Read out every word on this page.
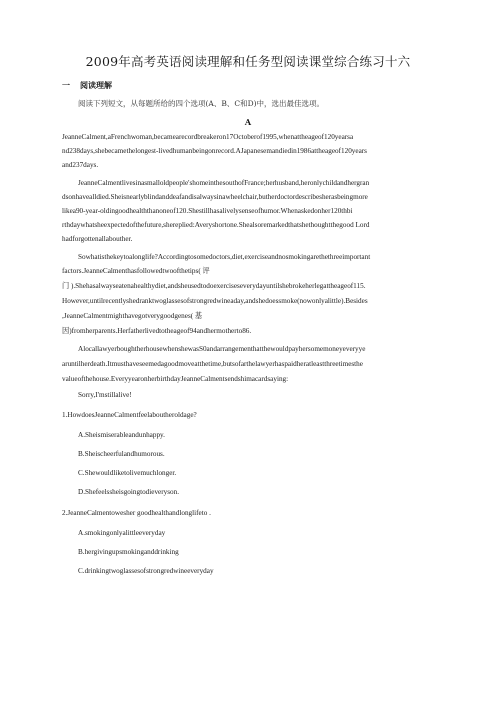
2009年高考英语阅读理解和任务型阅读课堂综合练习十六
一 阅读理解
阅读下列短文，从每题所给的四个选项(A、B、C和D)中，选出最佳选项。
A
JeanneCalment,aFrenchwoman,becamearecordbreakeron17Octoberof1995,whenattheageof120yearsa
nd238days,shebecamethelongest-livedhumanbeingonrecord.AJapanesemandiedin1986attheageof120years
and237days.
JeanneCalmentlivesinasmalloldpeople'shomeinthesouthofFrance;herhusband,heronlychildandhergran
dsonhavealldied.Sheisnearlyblindanddeafandisalwaysinawheelchair,butherdoctordescribesherasbeingmore
likea90-year-oldingoodhealththanoneof120.Shestillhasalivelysenseofhumor.Whenaskedonher120thbi
rthdaywhatsheexpectedofthefuture,shereplied:Averyshortone.Shealsoremarkedthatshethoughtthegood Lord
hadforgottenallabouther.
Sowhatisthekeytoalonglife?Accordingtosomedoctors,diet,exerciseandnosmokingarethethreeimportant
factors.JeanneCalmenthasfollowedtwoofthetips( 评
门 ).Shehasalwayseatenahealthydiet,andsheusedtodoexerciseseverydayuntilshebrokeherlegattheageof115.
However,untilrecentlyshedranktwoglassesofstrongredwineaday,andshedoessmoke(nowonlyalittle).Besides
,JeanneCalmentmighthavegotverygoodgenes( 基
因)fromherparents.Herfatherlivedtotheageof94andhermotherto86.
AlocallawyerboughtherhousewhenshewasS0andarrangementhatthewouldpayhersomemoneyeveryye
aruntilherdeath.Itmusthaveseemedagoodmoveatthetime,butsofarthelawyerhaspaidheratleastthreetimesthe
valueofthehouse.EveryyearonherbirthdayJeanneCalmentsendshimacardsaying:
Sorry,I'mstillalive!
1.HowdoesJeanneCalmentfeelaboutheroldage?
A.Sheismiserableandunhappy.
B.Sheischeerfulandhumorous.
C.Shewouldliketolivemuchlonger.
D.Shefeelssheisgoingtodieveryson.
2.JeanneCalmentowesher goodhealthandlonglifeto .
A.smokingonlyalittleeveryday
B.hergivingupsmokinganddrinking
C.drinkingtwoglassesofstrongredwineeveryday
